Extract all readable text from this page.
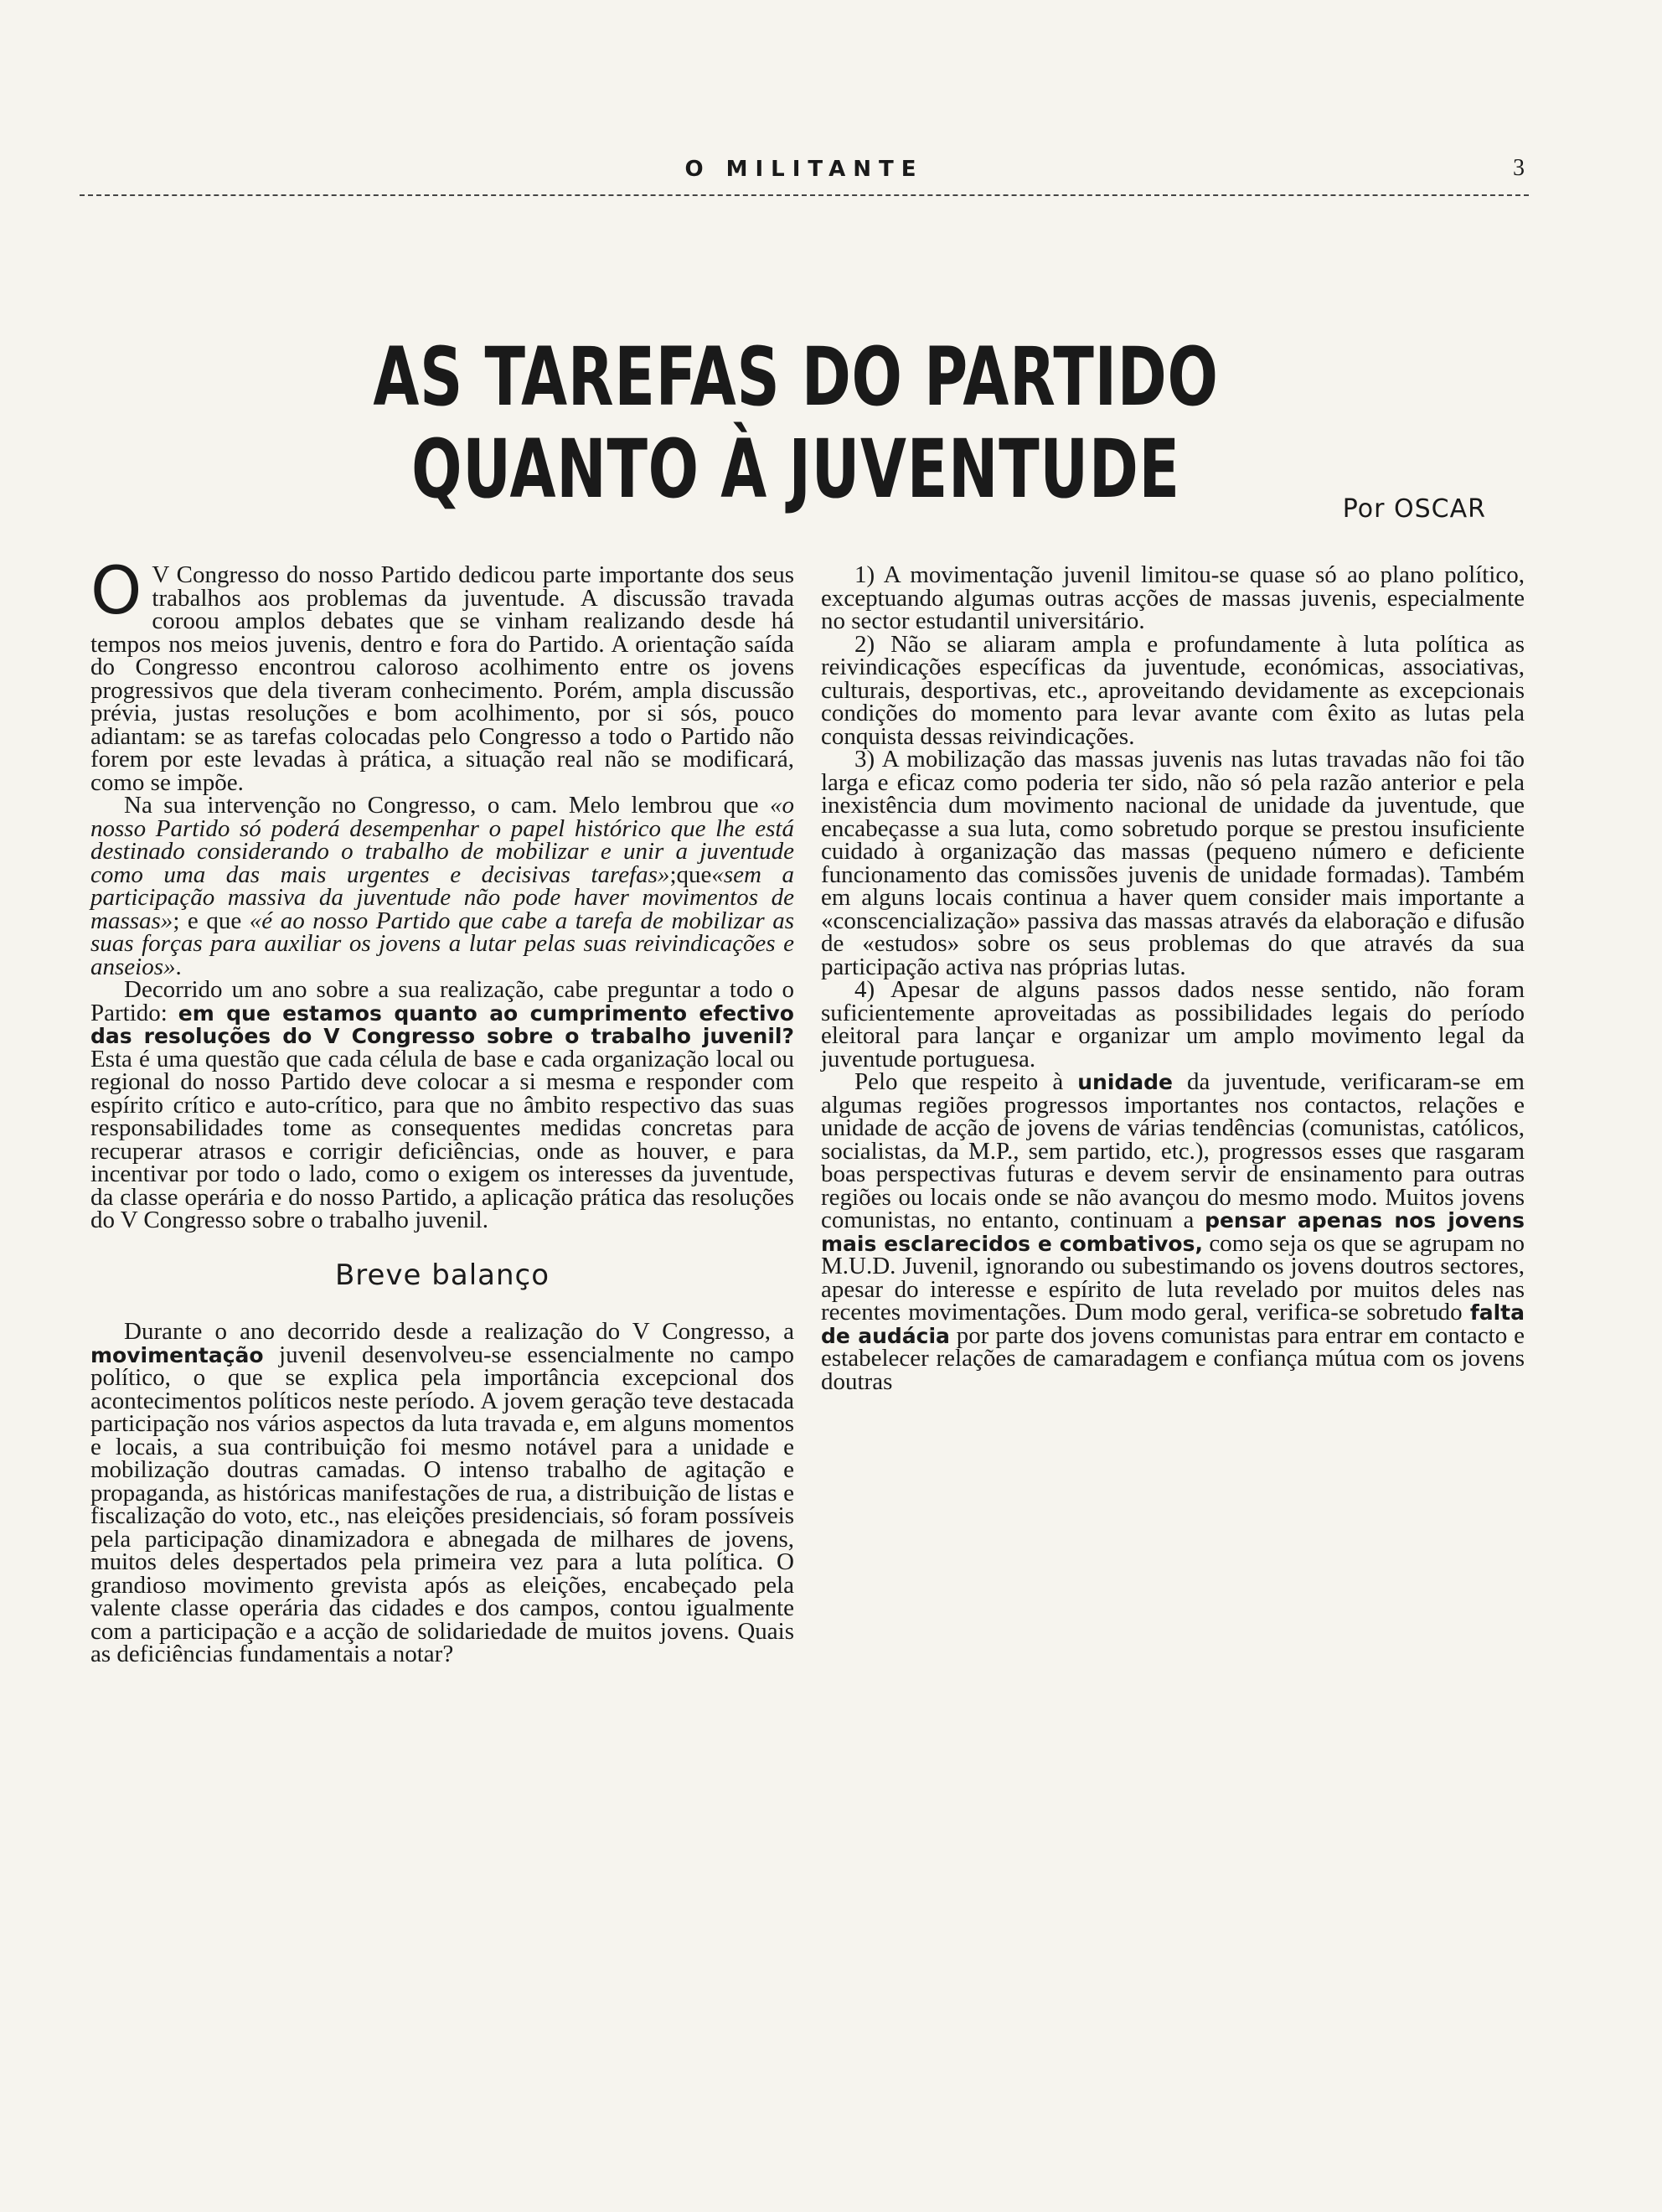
O MILITANTE	3
AS TAREFAS DO PARTIDO QUANTO À JUVENTUDE	Por OSCAR

O V Congresso do nosso Partido dedicou parte importante dos seus trabalhos aos problemas da juventude. A discussão travada coroou amplos debates que se vinham realizando desde há tempos nos meios juvenis, dentro e fora do Partido. A orientação saída do Congresso encontrou caloroso acolhimento entre os jovens progressivos que dela tiveram conhecimento. Porém, ampla discussão prévia, justas resoluções e bom acolhimento, por si sós, pouco adiantam: se as tarefas colocadas pelo Congresso a todo o Partido não forem por este levadas à prática, a situação real não se modificará, como se impõe.

Na sua intervenção no Congresso, o cam. Melo lembrou que «o nosso Partido só poderá desempenhar o papel histórico que lhe está destinado considerando o trabalho de mobilizar e unir a juventude como uma das mais urgentes e decisivas tarefas»;que«sem a participação massiva da juventude não pode haver movimentos de massas»; e que «é ao nosso Partido que cabe a tarefa de mobilizar as suas forças para auxiliar os jovens a lutar pelas suas reivindicações e anseios».

Decorrido um ano sobre a sua realização, cabe preguntar a todo o Partido: em que estamos quanto ao cumprimento efectivo das resoluções do V Congresso sobre o trabalho juvenil? Esta é uma questão que cada célula de base e cada organização local ou regional do nosso Partido deve colocar a si mesma e responder com espírito crítico e auto-crítico, para que no âmbito respectivo das suas responsabilidades tome as consequentes medidas concretas para recuperar atrasos e corrigir deficiências, onde as houver, e para incentivar por todo o lado, como o exigem os interesses da juventude, da classe operária e do nosso Partido, a aplicação prática das resoluções do V Congresso sobre o trabalho juvenil.

Breve balanço

Durante o ano decorrido desde a realização do V Congresso, a movimentação juvenil desenvolveu-se essencialmente no campo político, o que se explica pela importância excepcional dos acontecimentos políticos neste período. A jovem geração teve destacada participação nos vários aspectos da luta travada e, em alguns momentos e locais, a sua contribuição foi mesmo notável para a unidade e mobilização doutras camadas. O intenso trabalho de agitação e propaganda, as históricas manifestações de rua, a distribuição de listas e fiscalização do voto, etc., nas eleições presidenciais, só foram possíveis pela participação dinamizadora e abnegada de milhares de jovens, muitos deles despertados pela primeira vez para a luta política. O grandioso movimento grevista após as eleições, encabeçado pela valente classe operária das cidades e dos campos, contou igualmente com a participação e a acção de solidariedade de muitos jovens. Quais as deficiências fundamentais a notar?

1) A movimentação juvenil limitou-se quase só ao plano político, exceptuando algumas outras acções de massas juvenis, especialmente no sector estudantil universitário.

2) Não se aliaram ampla e profundamente à luta política as reivindicações específicas da juventude, económicas, associativas, culturais, desportivas, etc., aproveitando devidamente as excepcionais condições do momento para levar avante com êxito as lutas pela conquista dessas reivindicações.

3) A mobilização das massas juvenis nas lutas travadas não foi tão larga e eficaz como poderia ter sido, não só pela razão anterior e pela inexistência dum movimento nacional de unidade da juventude, que encabeçasse a sua luta, como sobretudo porque se prestou insuficiente cuidado à organização das massas (pequeno número e deficiente funcionamento das comissões juvenis de unidade formadas). Também em alguns locais continua a haver quem consider mais importante a «conscencialização» passiva das massas através da elaboração e difusão de «estudos» sobre os seus problemas do que através da sua participação activa nas próprias lutas.

4) Apesar de alguns passos dados nesse sentido, não foram suficientemente aproveitadas as possibilidades legais do período eleitoral para lançar e organizar um amplo movimento legal da juventude portuguesa.

Pelo que respeito à unidade da juventude, verificaram-se em algumas regiões progressos importantes nos contactos, relações e unidade de acção de jovens de várias tendências (comunistas, católicos, socialistas, da M.P., sem partido, etc.), progressos esses que rasgaram boas perspectivas futuras e devem servir de ensinamento para outras regiões ou locais onde se não avançou do mesmo modo. Muitos jovens comunistas, no entanto, continuam a pensar apenas nos jovens mais esclarecidos e combativos, como seja os que se agrupam no M.U.D. Juvenil, ignorando ou subestimando os jovens doutros sectores, apesar do interesse e espírito de luta revelado por muitos deles nas recentes movimentações. Dum modo geral, verifica-se sobretudo falta de audácia por parte dos jovens comunistas para entrar em contacto e estabelecer relações de camaradagem e confiança mútua com os jovens doutras
